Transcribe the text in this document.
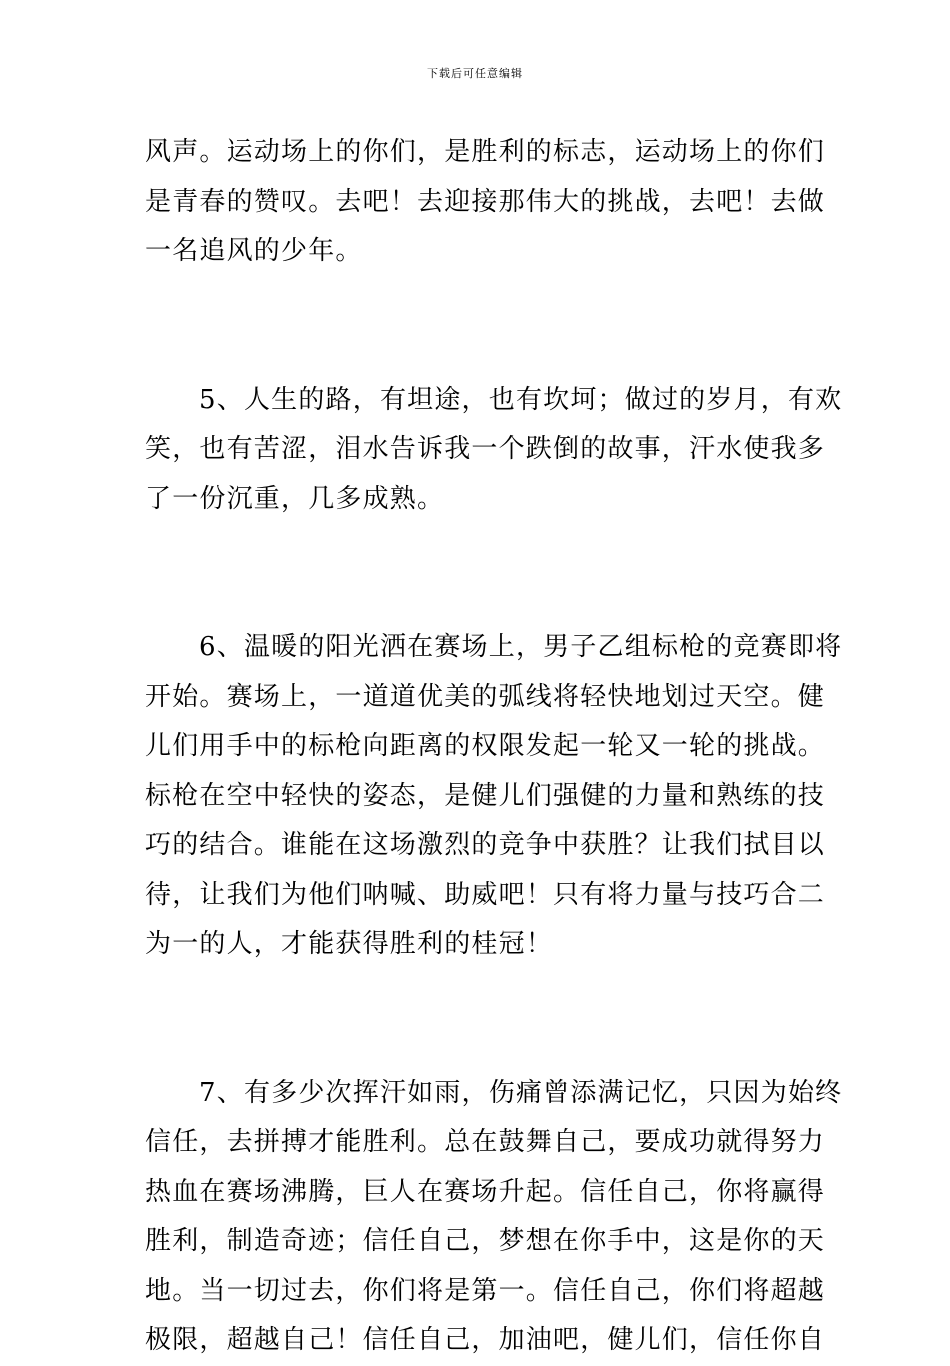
下载后可任意编辑
风声。运动场上的你们，是胜利的标志，运动场上的你们
是青春的赞叹。去吧！去迎接那伟大的挑战，去吧！去做
一名追风的少年。
5、人生的路，有坦途，也有坎坷；做过的岁月，有欢
笑，也有苦涩，泪水告诉我一个跌倒的故事，汗水使我多
了一份沉重，几多成熟。
6、温暖的阳光洒在赛场上，男子乙组标枪的竞赛即将
开始。赛场上，一道道优美的弧线将轻快地划过天空。健
儿们用手中的标枪向距离的权限发起一轮又一轮的挑战。
标枪在空中轻快的姿态，是健儿们强健的力量和熟练的技
巧的结合。谁能在这场激烈的竞争中获胜？让我们拭目以
待，让我们为他们呐喊、助威吧！只有将力量与技巧合二
为一的人，才能获得胜利的桂冠！
7、有多少次挥汗如雨，伤痛曾添满记忆，只因为始终
信任，去拼搏才能胜利。总在鼓舞自己，要成功就得努力
热血在赛场沸腾，巨人在赛场升起。信任自己，你将赢得
胜利，制造奇迹；信任自己，梦想在你手中，这是你的天
地。当一切过去，你们将是第一。信任自己，你们将超越
极限，超越自己！信任自己，加油吧，健儿们，信任你自
